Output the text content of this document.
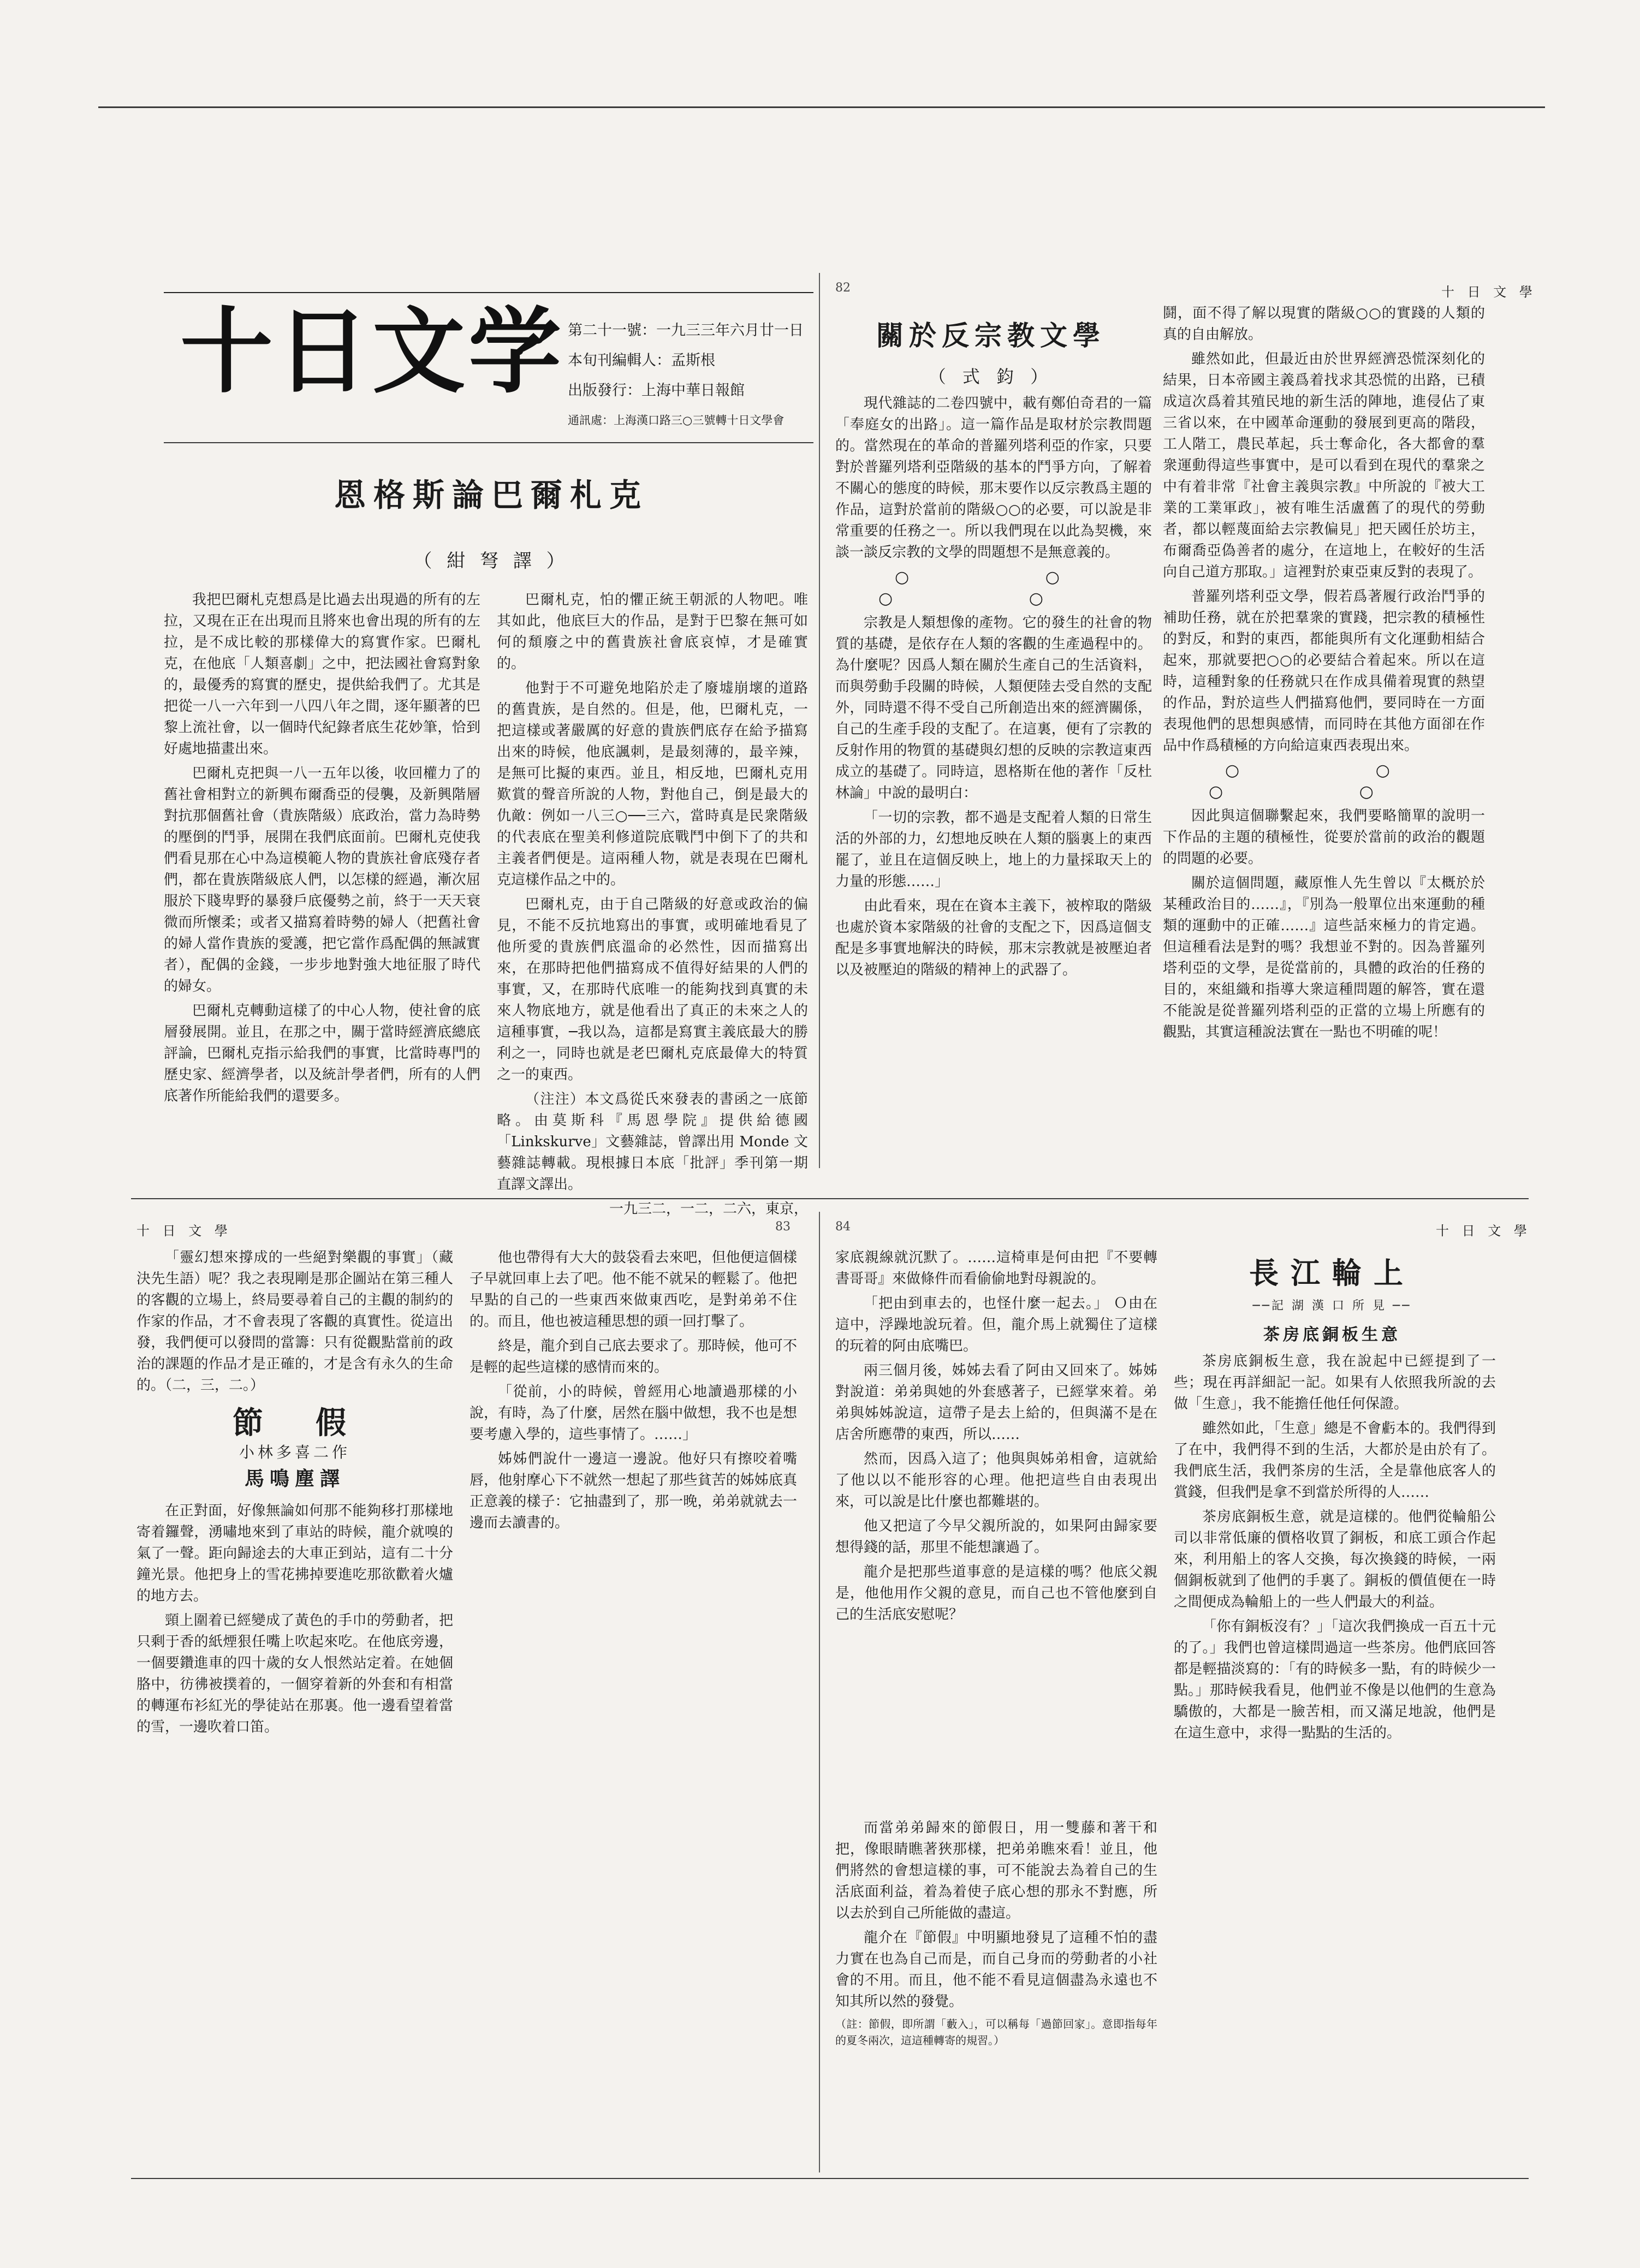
十日文学 第二十一號：一九三三年六月廿一日
本旬刊編輯人：孟斯根
出版發行：上海中華日報館
通訊處：上海漢口路三○三號轉十日文學會
恩格斯論巴爾札克
（ 紺 弩 譯 ）

我把巴爾札克想爲是比過去出現過的所有的左拉，又現在正在出現而且將來也會出現的所有的左拉，是不成比較的那樣偉大的寫實作家。巴爾札克，在他底「人類喜劇」之中，把法國社會寫對象的，最優秀的寫實的歷史，提供給我們了。尤其是把從一八一六年到一八四八年之間，逐年顯著的巴黎上流社會，以一個時代紀錄者底生花妙筆，恰到好處地描畫出來。

巴爾札克把與一八一五年以後，收回權力了的舊社會相對立的新興布爾喬亞的侵襲，及新興階層對抗那個舊社會（貴族階級）底政治，當力為時勢的壓倒的鬥爭，展開在我們底面前。巴爾札克使我們看見那在心中為這模範人物的貴族社會底殘存者們，都在貴族階級底人們，以怎樣的經過，漸次屈服於下賤卑野的暴發戶底優勢之前，終于一天天衰微而所懷柔；或者又描寫着時勢的婦人（把舊社會的婦人當作貴族的愛護，把它當作爲配偶的無誠實者），配偶的金錢，一步步地對強大地征服了時代的婦女。

巴爾札克轉動這樣了的中心人物，使社會的底層發展開。並且，在那之中，關于當時經濟底總底評論，巴爾札克指示給我們的事實，比當時專門的歷史家、經濟學者，以及統計學者們，所有的人們底著作所能給我們的還要多。

巴爾札克，怕的懼正統王朝派的人物吧。唯其如此，他底巨大的作品，是對于巴黎在無可如何的頹廢之中的舊貴族社會底哀悼，才是確實的。

他對于不可避免地陷於走了廢墟崩壞的道路的舊貴族，是自然的。但是，他，巴爾札克，一把這樣或著嚴厲的好意的貴族們底存在給予描寫出來的時候，他底諷刺，是最刻薄的，最辛辣，是無可比擬的東西。並且，相反地，巴爾札克用歎賞的聲音所說的人物，對他自己，倒是最大的仇敵：例如一八三○──三六，當時真是民衆階級的代表底在聖美利修道院底戰鬥中倒下了的共和主義者們便是。這兩種人物，就是表現在巴爾札克這樣作品之中的。

巴爾札克，由于自己階級的好意或政治的偏見，不能不反抗地寫出的事實，或明確地看見了他所愛的貴族們底溫命的必然性，因而描寫出來，在那時把他們描寫成不值得好結果的人們的事實，又，在那時代底唯一的能夠找到真實的未來人物底地方，就是他看出了真正的未來之人的這種事實，─我以為，這都是寫實主義底最大的勝利之一，同時也就是老巴爾札克底最偉大的特質之一的東西。

（注注）本文爲從氏來發表的書函之一底節略。由莫斯科『馬恩學院』提供給德國「Linkskurve」文藝雜誌，曾譯出用 Monde 文藝雜誌轉載。現根據日本底「批評」季刊第一期直譯文譯出。

一九三二，一二，二六，東京，

82	十 日 文 學
關於反宗教文學
（ 式 鈞 ）

現代雜誌的二卷四號中，載有鄭伯奇君的一篇「奉庭女的出路」。這一篇作品是取材於宗教問題的。當然現在的革命的普羅列塔利亞的作家，只要對於普羅列塔利亞階級的基本的鬥爭方向，了解着不關心的態度的時候，那末要作以反宗教爲主題的作品，這對於當前的階級○○的必要，可以說是非常重要的任務之一。所以我們現在以此為契機，來談一談反宗教的文學的問題想不是無意義的。

○ ○ ○ ○

宗教是人類想像的產物。它的發生的社會的物質的基礎，是依存在人類的客觀的生產過程中的。為什麼呢？因爲人類在關於生產自己的生活資料，而與勞動手段關的時候，人類便陸去受自然的支配外，同時還不得不受自己所創造出來的經濟關係，自己的生產手段的支配了。在這裏，便有了宗教的反射作用的物質的基礎與幻想的反映的宗教這東西成立的基礎了。同時這，恩格斯在他的著作「反杜林論」中說的最明白：

「一切的宗教，都不過是支配着人類的日常生活的外部的力，幻想地反映在人類的腦裏上的東西罷了，並且在這個反映上，地上的力量採取天上的力量的形態……」

由此看來，現在在資本主義下，被榨取的階級也處於資本家階級的社會的支配之下，因爲這個支配是多事實地解決的時候，那末宗教就是被壓迫者以及被壓迫的階級的精神上的武器了。

鬪，面不得了解以現實的階級○○的實踐的人類的真的自由解放。

雖然如此，但最近由於世界經濟恐慌深刻化的結果，日本帝國主義爲着找求其恐慌的出路，已積成這次爲着其殖民地的新生活的陣地，進侵佔了東三省以來，在中國革命運動的發展到更高的階段，工人階工，農民革起，兵士奪命化，各大都會的羣衆運動得這些事實中，是可以看到在現代的羣衆之中有着非常『社會主義與宗教』中所說的『被大工業的工業軍政」，被有唯生活盧舊了的現代的勞動者，都以輕蔑面給去宗教偏見」把天國任於坊主，布爾喬亞偽善者的處分，在這地上，在較好的生活向自己道方那取。」這裡對於東亞東反對的表現了。

普羅列塔利亞文學，假若爲著履行政治鬥爭的補助任務，就在於把羣衆的實踐，把宗教的積極性的對反，和對的東西，都能與所有文化運動相結合起來，那就要把○○的必要結合着起來。所以在這時，這種對象的任務就只在作成具備着現實的熱望的作品，對於這些人們描寫他們，要同時在一方面表現他們的思想與感情，而同時在其他方面卻在作品中作爲積極的方向給這東西表現出來。

○ ○ ○ ○

因此與這個聯繫起來，我們要略簡單的說明一下作品的主題的積極性，從要於當前的政治的觀題的問題的必要。

關於這個問題，藏原惟人先生曾以『太概於於某種政治目的……』，『別為一般單位出來運動的種類的運動中的正確……』這些話來極力的肯定過。但這種看法是對的嗎？我想並不對的。因為普羅列塔利亞的文學，是從當前的，具體的政治的任務的目的，來組織和指導大衆這種問題的解答，實在還不能說是從普羅列塔利亞的正當的立場上所應有的觀點，其實這種說法實在一點也不明確的呢！

十 日 文 學	83

「靈幻想來撐成的一些絕對樂觀的事實」（藏決先生語）呢？我之表現剛是那企圖站在第三種人的客觀的立場上，終局要尋着自己的主觀的制約的作家的作品，才不會表現了客觀的真實性。從這出發，我們便可以發問的當籌：只有從觀點當前的政治的課題的作品才是正確的，才是含有永久的生命的。（二，三，二。）

節　假
小林多喜二作
馬鳴塵譯

在正對面，好像無論如何那不能夠移打那樣地寄着鑼聲，湧嘯地來到了車站的時候，龍介就嗅的氣了一聲。距向歸途去的大車正到站，這有二十分鐘光景。他把身上的雪花拂掉要進吃那欲歡着火爐的地方去。

頸上圍着已經變成了黃色的手巾的勞動者，把只剩于香的紙煙狠任嘴上吹起來吃。在他底旁邊，一個要鑽進車的四十歲的女人恨然站定着。在她個胳中，彷彿被撲着的，一個穿着新的外套和有相當的轉運布衫紅光的學徒站在那裏。他一邊看望着當的雪，一邊吹着口笛。

他也帶得有大大的鼓袋看去來吧，但他便這個樣子早就回車上去了吧。他不能不就呆的輕鬆了。他把早點的自己的一些東西來做東西吃，是對弟弟不住的。而且，他也被這種思想的頭一回打擊了。

終是，龍介到自己底去要求了。那時候，他可不是輕的起些這樣的感情而來的。

「從前，小的時候，曾經用心地讀過那樣的小說，有時，為了什麼，居然在腦中做想，我不也是想要考慮入學的，這些事情了。……」

姊姊們說什一邊這一邊說。他好只有擦咬着嘴唇，他射摩心下不就然一想起了那些貧苦的姊姊底真正意義的樣子：它抽盡到了，那一晚，弟弟就就去一邊而去讀書的。

84	十 日 文 學

家底親線就沉默了。……這椅車是何由把『不要轉書哥哥』來做條件而看偷偷地對母親說的。

「把由到車去的，也怪什麼一起去。」 Ｏ由在這中，浮躁地說玩着。但，龍介馬上就獨住了這樣的玩着的阿由底嘴巴。

兩三個月後，姊姊去看了阿由又回來了。姊姊對說道：弟弟與她的外套感著子，已經掌來着。弟弟與姊姊說這，這帶子是去上給的，但與滿不是在店舍所應帶的東西，所以……

然而，因爲入這了；他與與姊弟相會，這就給了他以以不能形容的心理。他把這些自由表現出來，可以說是比什麼也都難堪的。

他又把這了今早父親所說的，如果阿由歸家要想得錢的話，那里不能想讓過了。

龍介是把那些道事意的是這樣的嗎？他底父親是，他他用作父親的意見，而自己也不管他麼到自己的生活底安慰呢？

而當弟弟歸來的節假日，用一雙藤和著干和把，像眼睛瞧著狹那樣，把弟弟瞧來看！並且，他們將然的會想這樣的事，可不能說去為着自己的生活底面利益，着為着使子底心想的那永不對應，所以去於到自己所能做的盡這。

龍介在『節假』中明顯地發見了這種不怕的盡力實在也為自己而是，而自己身而的勞動者的小社會的不用。而且，他不能不看見這個盡為永遠也不知其所以然的發覺。

（註：節假，即所謂「藪入」，可以稱每「過節回家」。意即指每年的夏冬兩次，這這種轉寄的規習。）

長江輪上
──記 湖 漢 口 所 見 ──
茶房底銅板生意

茶房底銅板生意，我在說起中已經提到了一些；現在再詳細記一記。如果有人依照我所說的去做「生意」，我不能擔任他任何保證。

雖然如此，「生意」總是不會虧本的。我們得到了在中，我們得不到的生活，大都於是由於有了。我們底生活，我們茶房的生活，全是靠他底客人的賞錢，但我們是拿不到當於所得的人……

茶房底銅板生意，就是這樣的。他們從輪船公司以非常低廉的價格收買了銅板，和底工頭合作起來，利用船上的客人交換，每次換錢的時候，一兩個銅板就到了他們的手裏了。銅板的價值便在一時之間便成為輪船上的一些人們最大的利益。

「你有銅板沒有？」「這次我們換成一百五十元的了。」我們也曾這樣問過這一些茶房。他們底回答都是輕描淡寫的：「有的時候多一點，有的時候少一點。」那時候我看見，他們並不像是以他們的生意為驕傲的，大都是一臉苦相，而又滿足地說，他們是在這生意中，求得一點點的生活的。
